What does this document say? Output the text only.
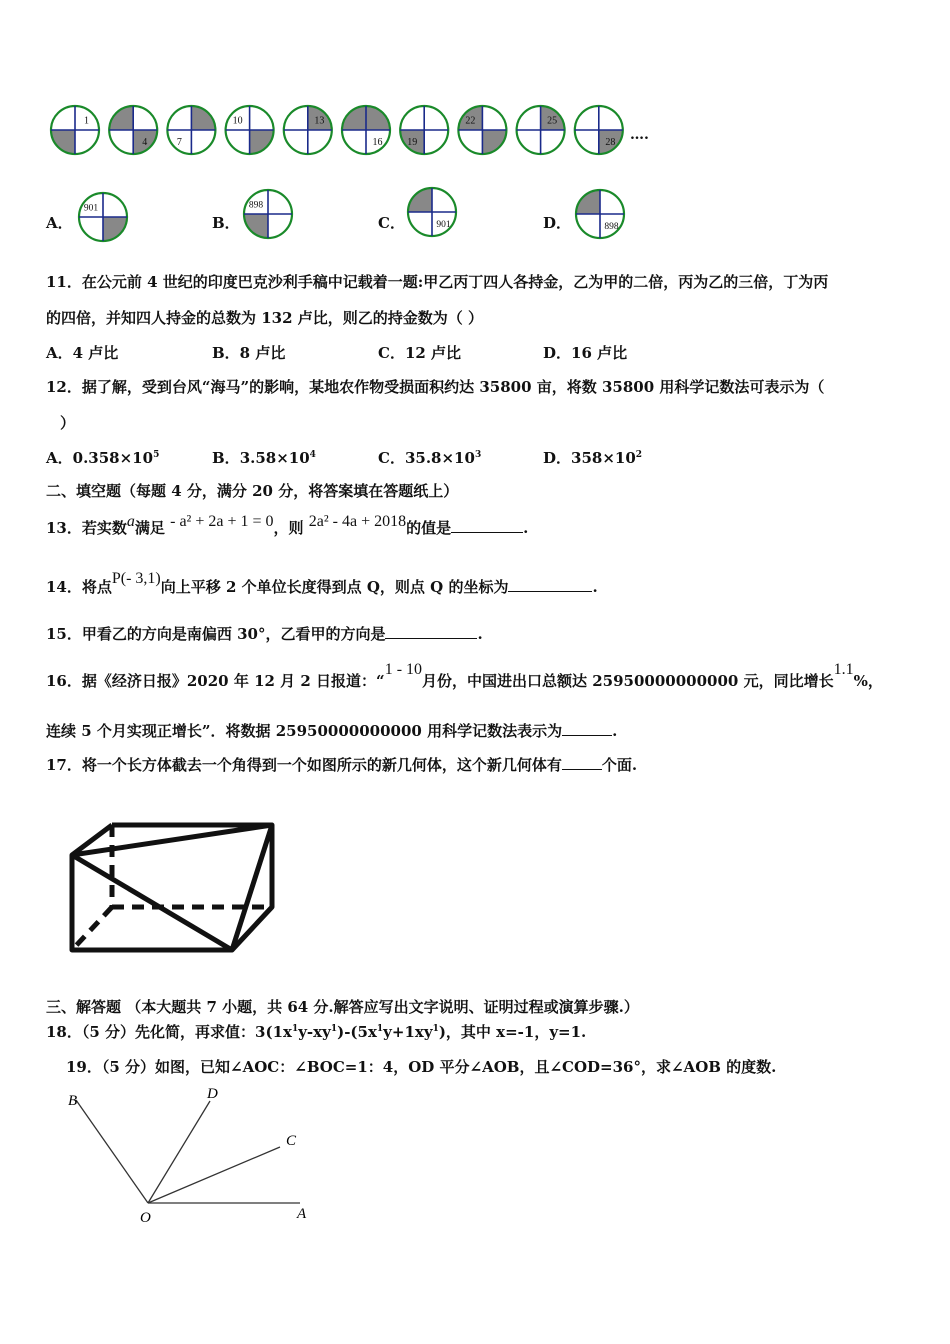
1
4	7
10	13
16 19
22	25
28 ….
A．
901
B．
898
C．	901	D．	898
11．在公元前 4 世纪的印度巴克沙利手稿中记载着一题:甲乙丙丁四人各持金，乙为甲的二倍，丙为乙的三倍，丁为丙
的四倍，并知四人持金的总数为 132 卢比，则乙的持金数为（ ）
A．4 卢比	B．8 卢比	C．12 卢比	D．16 卢比
12．据了解，受到台风“海马”的影响，某地农作物受损面积约达 35800 亩，将数 35800 用科学记数法可表示为（
）
A．$0.358\times 10^5$	B．$3.58\times 10^4$	C．$35.8\times 10^3$	D．$358\times 10^2$
二、填空题（每题 4 分，满分 20 分，将答案填在答题纸上）
13．若实数a满足 - a² + 2a + 1 = 0，则 2a² - 4a + 2018的值是	.
14．将点P(- 3,1)向上平移 2 个单位长度得到点 Q，则点 Q 的坐标为	.
15．甲看乙的方向是南偏西 30°，乙看甲的方向是	.
16．据《经济日报》2020 年 12 月 2 日报道：“1 - 10月份，中国进出口总额达 25950000000000 元，同比增长1.1%，
连续 5 个月实现正增长”．将数据 25950000000000 用科学记数法表示为	.
17．将一个长方体截去一个角得到一个如图所示的新几何体，这个新几何体有	个面.
三、解答题 （本大题共 7 小题，共 64 分.解答应写出文字说明、证明过程或演算步骤.）
18．（5 分）先化简，再求值：$3(1x^1y-xy^1)-(5x^1y+1xy^1)$，其中 x=-1，y=1.
19．（5 分）如图，已知∠AOC：∠BOC=1：4，OD 平分∠AOB，且∠COD=36°，求∠AOB 的度数.
B	D
C
O	A
